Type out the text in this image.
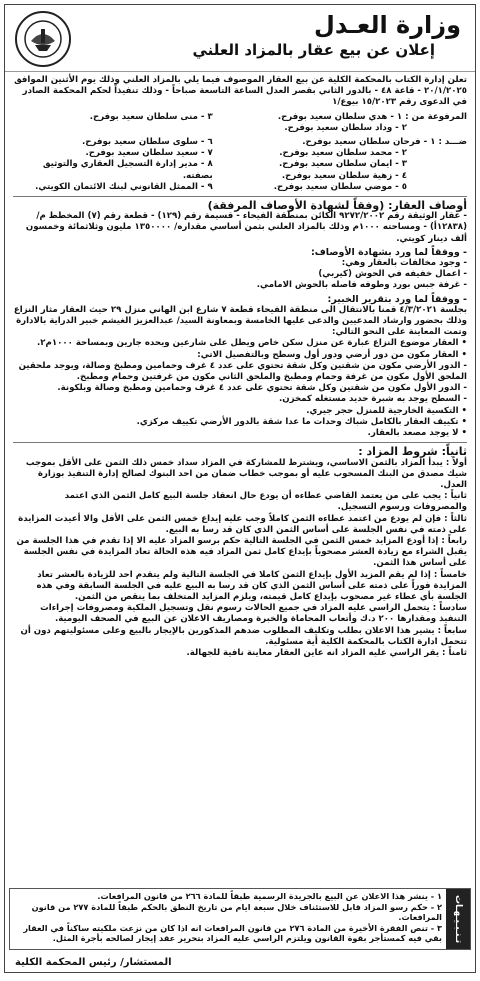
وزارة العـدل
إعلان عن بيع عقار بالمزاد العلني

تعلن إدارة الكتاب بالمحكمة الكلية عن بيع العقار الموصوف فيما يلي بالمزاد العلني وذلك يوم الأثنين الموافق ٢٠/١/٢٠٢٥ - قاعة ٤٨ - بالدور الثاني بقصر العدل الساعة التاسعة صباحاً - وذلك تنفيذاً لحكم المحكمة الصادر في الدعوى رقم ١٥/٢٠٢٣ بيوع/١

المرفوعة من : ١ - هدي سلطان سعيد بوفرح.
٢ - وداد سلطان سعيد بوفرح.
٣ - منى سلطان سعيد بوفرح.
ضـــد : ١ - فرحان سلطان سعيد بوفرح.
٢ - محمد سلطان سعيد بوفرح.
٣ - ايمان سلطان سعيد بوفرح.
٤ - زهية سلطان سعيد بوفرح.
٥ - موضي سلطان سعيد بوفرح.
٦ - سلوى سلطان سعيد بوفرح.
٧ - سعيد سلطان سعيد بوفرح.
٨ - مدير إدارة التسجيل العقاري والتوثيق بصفته.
٩ - الممثل القانوني لبنك الائتمان الكويتي.
أوصاف العقار: (وفقاً لشهادة الأوصاف المرفقة)

- عقار الوثيقة رقم ٩٢٧٢/٢٠٠٢ الكائن بمنطقة الفيحاء - قسيمة رقم (١٢٩) - قطعة رقم (٧) المخطط م/ (١٢٨٣٨أ) - ومساحته ١٠٠٠م وذلك بالمزاد العلني بثمن أساسي مقداره/ ١٣٥٠٠٠٠ مليون وثلاثمائة وخمسون ألف دينار كويتي.

- ووفقاً لما ورد بشهادة الأوصاف:

- وجود مخالفات بالعقار وهي:

- اعمال خفيفه في الحوش (كيربي)

- غرفة جبس بورد وطوفه فاصله بالحوش الامامي.

- ووفقاً لما ورد بتقرير الخبير:

بجلسة ٤/٣/٢٠٢١ قمنا بالانتقال الى منطقة الفيحاء قطعة ٧ شارع ابن الهاني منزل ٢٩ حيث العقار مثار النزاع وذلك بحضور وارشاد المدعيين والدعى عليها الخامسة وبمعاونة السيد/ عبدالعزيز الغيشم خبير الدراية بالادارة وتمت المعاينة على النحو التالي:

• العقار موضوع النزاع عبارة عن منزل سكن خاص ويطل على شارعين ويحده جارين وبمساحة ١٠٠٠م٢.

• العقار مكون من دور أرضي ودور أول وسطح وبالتفصيل الاتي:

- الدور الأرضي مكون من شقتين وكل شقة تحتوي على عدد ٤ غرف وحمامين ومطبخ وصالة، ويوجد ملحقين الملحق الأول مكون من غرفة وحمام ومطبخ والملحق الثاني مكون من غرفتين وحمام ومطبخ.

- الدور الأول مكون من شقتين وكل شقة تحتوي على عدد ٤ غرف وحمامين ومطبخ وصالة وبلكونة.

- السطح يوجد به شبرة حديد مستغله كمخزن.

• التكسية الخارجية للمنزل حجر جيري.

• تكييف العقار بالكامل شباك وحدات ما عدا شقة بالدور الأرضي تكييف مركزي.

• لا يوجد مصعد بالعقار.

ثانياً: شروط المزاد :

أولاً : يبدأ المزاد بالثمن الاساسي، ويشترط للمشاركة في المزاد سداد خمس ذلك الثمن على الأقل بموجب شيك مصدق من البنك المسحوب عليه أو بموجب خطاب ضمان من احد البنوك لصالح إدارة التنفيذ بوزارة العدل.

ثانياً : يجب على من يعتمد القاضي عطاءه أن يودع حال انعقاد جلسة البيع كامل الثمن الذي اعتمد والمصروفات ورسوم التسجيل.

ثالثاً : فإن لم يودع من اعتمد عطاءه الثمن كاملاً وجب عليه إيداع خمس الثمن على الأقل والا أعيدت المزايدة على ذمته في نفس الجلسة على أساس الثمن الذي كان قد رسا به البيع.

رابعاً : إذا أودع المزايد خمس الثمن في الجلسة التالية حكم برسو المزاد عليه الا إذا تقدم في هذا الجلسة من يقبل الشراء مع زيادة العشر مصحوباً بإيداع كامل ثمن المزاد فيه هذه الحالة تعاد المزايدة في نفس الجلسة على أساس هذا الثمن.

خامساً : إذا لم يقم المزيد الأول بإيداع الثمن كاملا في الجلسة التالية ولم يتقدم احد للزيادة بالعشر تعاد المزايدة فوراً على ذمته على أساس الثمن الذي كان قد رسا به البيع عليه في الجلسة السابقة وفي هذه الجلسة بأي عطاء غير مصحوب بإيداع كامل قيمته، ويلزم المزايد المتخلف بما ينقص من الثمن.

سادساً : يتحمل الراسي عليه المزاد في جميع الحالات رسوم نقل وتسجيل الملكية ومصروفات إجراءات التنفيذ ومقدارها ٢٠٠ د.ك وأتعاب المحاماة والخبرة ومصاريف الاعلان عن البيع في الصحف اليومية.

سابعاً : يشير هذا الاعلان بطلب وتكليف المطلوب ضدهم المذكورين بالإيجار بالبيع وعلى مسئوليتهم دون أن تتحمل ادارة الكتاب بالمحكمة الكلية أية مسئولية.

ثامناً : يقر الراسي عليه المزاد انه عاين العقار معاينة نافية للجهالة.

تـنـبـيـهـات

١ - ينشر هذا الاعلان عن البيع بالجريدة الرسمية طبقاً للمادة ٢٦٦ من قانون المرافعات.

٢ - حكم رسو المزاد قابل للاستئناف خلال سبعة ايام من تاريخ النطق بالحكم طبقاً للمادة ٢٧٧ من قانون المرافعات.

٣ - تنص الفقرة الأخيرة من المادة ٢٧٦ من قانون المرافعات انه اذا كان من نزعت ملكيته ساكناً في العقار بقي فيه كمستأجر بقوة القانون ويلتزم الراسي عليه المزاد بتحرير عقد إيجار لصالحه بأجرة المثل.

المستشار/ رئيس المحكمة الكلية
